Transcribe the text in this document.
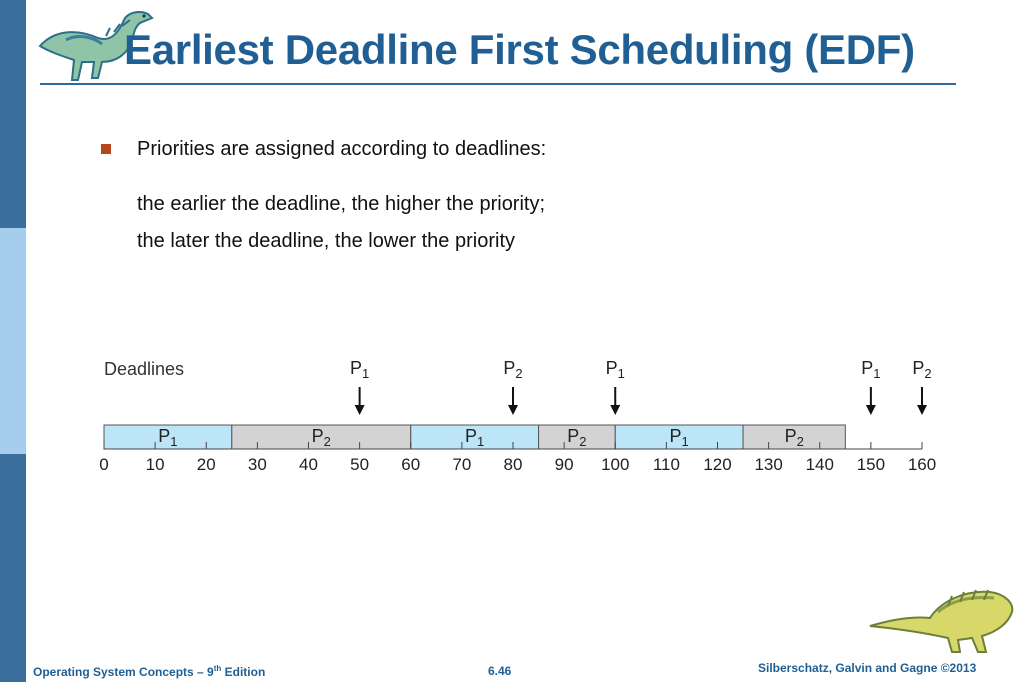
Earliest Deadline First Scheduling (EDF)
Priorities are assigned according to deadlines:
the earlier the deadline, the higher the priority;
the later the deadline, the lower the priority
Deadlines
$P_1$	$P_2$	$P_1$	$P_2$	$P_1$	$P_2$
0 10 20 30 40 50 60 70 80 90 100 110 120 130 140 150 160
$P_1$	$P_2$	$P_1$	$P_1$ $P_2$
Operating System Concepts – 9th Edition	6.46	Silberschatz, Galvin and Gagne ©2013
